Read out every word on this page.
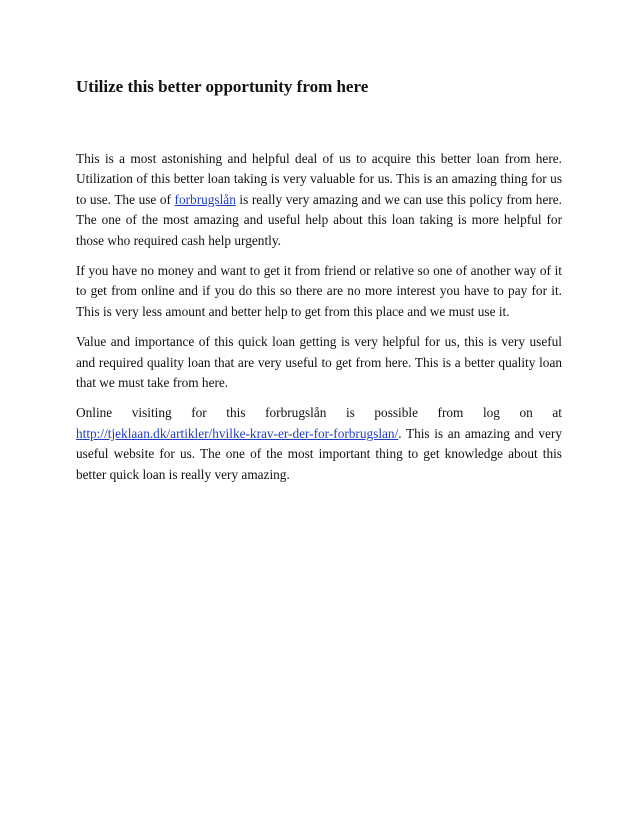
Utilize this better opportunity from here

This is a most astonishing and helpful deal of us to acquire this better loan from here. Utilization of this better loan taking is very valuable for us. This is an amazing thing for us to use. The use of forbrugslån is really very amazing and we can use this policy from here. The one of the most amazing and useful help about this loan taking is more helpful for those who required cash help urgently.

If you have no money and want to get it from friend or relative so one of another way of it to get from online and if you do this so there are no more interest you have to pay for it. This is very less amount and better help to get from this place and we must use it.

Value and importance of this quick loan getting is very helpful for us, this is very useful and required quality loan that are very useful to get from here. This is a better quality loan that we must take from here.

Online visiting for this forbrugslån is possible from log on at http://tjeklaan.dk/artikler/hvilke-krav-er-der-for-forbrugslan/. This is an amazing and very useful website for us. The one of the most important thing to get knowledge about this better quick loan is really very amazing.
